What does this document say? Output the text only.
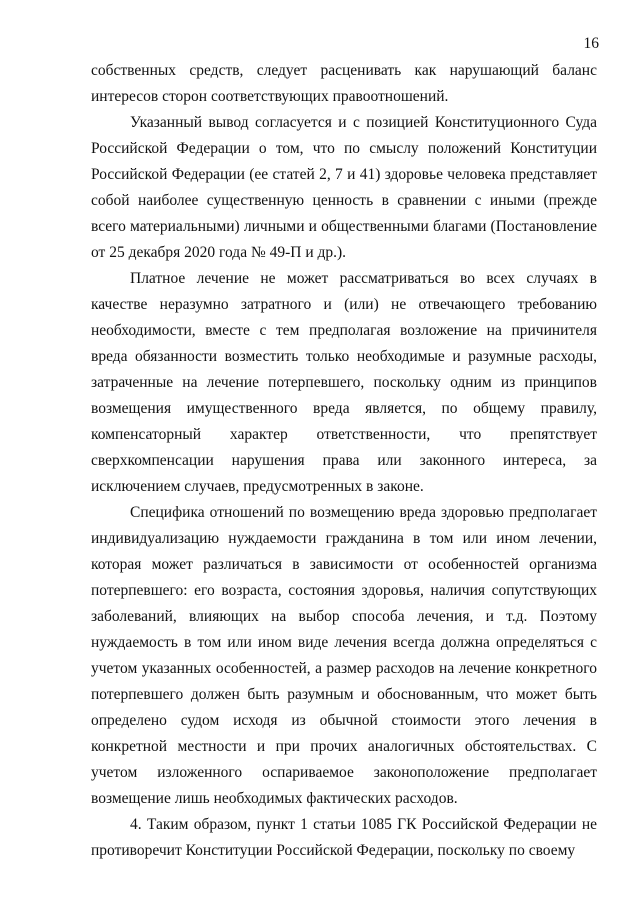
16

собственных средств, следует расценивать как нарушающий баланс интересов сторон соответствующих правоотношений.

Указанный вывод согласуется и с позицией Конституционного Суда Российской Федерации о том, что по смыслу положений Конституции Российской Федерации (ее статей 2, 7 и 41) здоровье человека представляет собой наиболее существенную ценность в сравнении с иными (прежде всего материальными) личными и общественными благами (Постановление от 25 декабря 2020 года № 49-П и др.).

Платное лечение не может рассматриваться во всех случаях в качестве неразумно затратного и (или) не отвечающего требованию необходимости, вместе с тем предполагая возложение на причинителя вреда обязанности возместить только необходимые и разумные расходы, затраченные на лечение потерпевшего, поскольку одним из принципов возмещения имущественного вреда является, по общему правилу, компенсаторный характер ответственности, что препятствует сверхкомпенсации нарушения права или законного интереса, за исключением случаев, предусмотренных в законе.

Специфика отношений по возмещению вреда здоровью предполагает индивидуализацию нуждаемости гражданина в том или ином лечении, которая может различаться в зависимости от особенностей организма потерпевшего: его возраста, состояния здоровья, наличия сопутствующих заболеваний, влияющих на выбор способа лечения, и т.д. Поэтому нуждаемость в том или ином виде лечения всегда должна определяться с учетом указанных особенностей, а размер расходов на лечение конкретного потерпевшего должен быть разумным и обоснованным, что может быть определено судом исходя из обычной стоимости этого лечения в конкретной местности и при прочих аналогичных обстоятельствах. С учетом изложенного оспариваемое законоположение предполагает возмещение лишь необходимых фактических расходов.

4. Таким образом, пункт 1 статьи 1085 ГК Российской Федерации не противоречит Конституции Российской Федерации, поскольку по своему
